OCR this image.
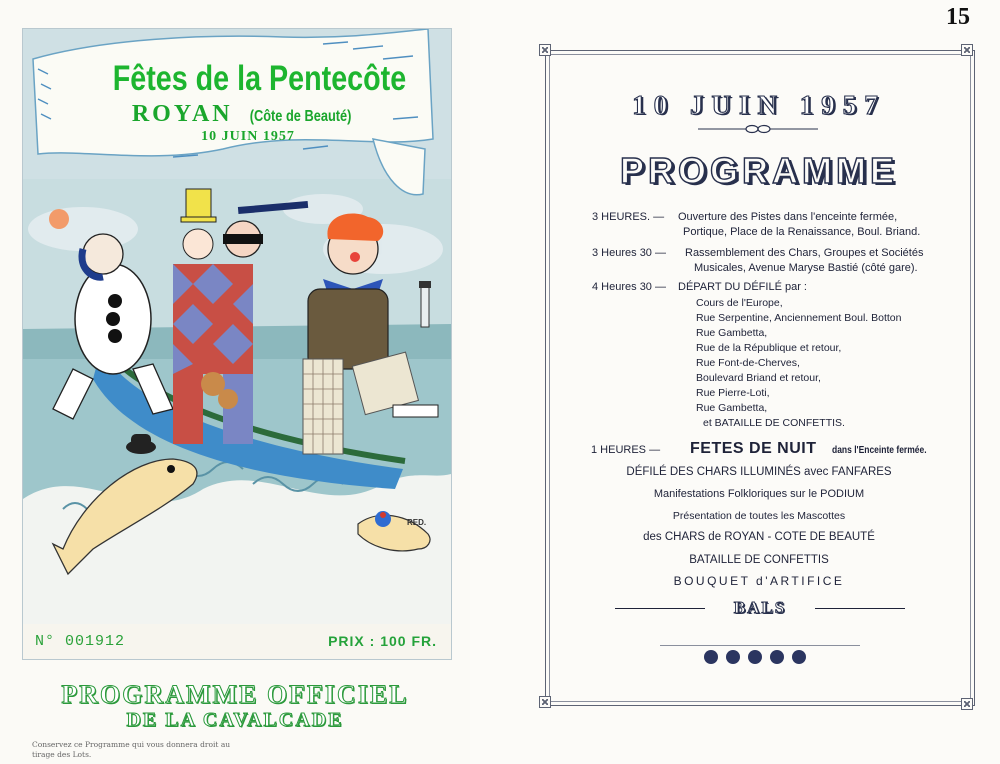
Fêtes de la Pentecôte
ROYAN (Côte de Beauté)
10 JUIN 1957
RED.
N° 001912	PRIX : 100 FR.
PROGRAMME OFFICIEL
DE LA CAVALCADE
Conservez ce Programme qui vous donnera droit au tirage des Lots.
15
10 JUIN 1957
PROGRAMME
3 HEURES. — Ouverture des Pistes dans l'enceinte fermée,
Portique, Place de la Renaissance, Boul. Briand.
3 Heures 30 — Rassemblement des Chars, Groupes et Sociétés
Musicales, Avenue Maryse Bastié (côté gare).
4 Heures 30 — DÉPART DU DÉFILÉ par :
Cours de l'Europe,
Rue Serpentine, Anciennement Boul. Botton
Rue Gambetta,
Rue de la République et retour,
Rue Font-de-Cherves,
Boulevard Briand et retour,
Rue Pierre-Loti,
Rue Gambetta,
et BATAILLE DE CONFETTIS.
1 HEURES — FETES DE NUIT dans l'Enceinte fermée.
DÉFILÉ DES CHARS ILLUMINÉS avec FANFARES
Manifestations Folkloriques sur le PODIUM
Présentation de toutes les Mascottes
des CHARS de ROYAN - COTE DE BEAUTÉ
BATAILLE DE CONFETTIS
BOUQUET d'ARTIFICE
BALS
